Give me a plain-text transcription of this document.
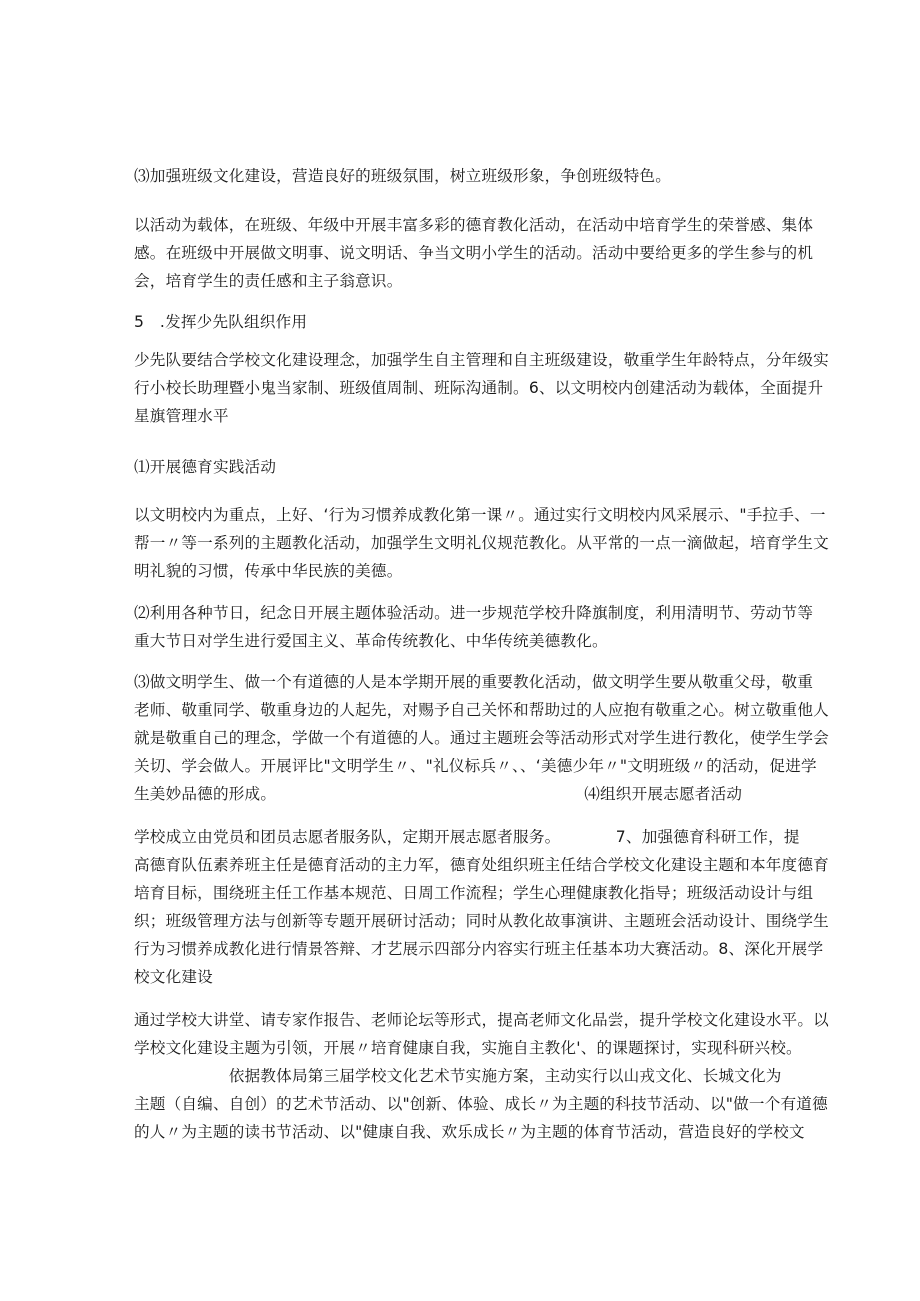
⑶加强班级文化建设，营造良好的班级氛围，树立班级形象，争创班级特色。

以活动为载体，在班级、年级中开展丰富多彩的德育教化活动，在活动中培育学生的荣誉感、集体
感。在班级中开展做文明事、说文明话、争当文明小学生的活动。活动中要给更多的学生参与的机
会，培育学生的责任感和主子翁意识。

5　.发挥少先队组织作用

少先队要结合学校文化建设理念，加强学生自主管理和自主班级建设，敬重学生年龄特点，分年级实
行小校长助理暨小鬼当家制、班级值周制、班际沟通制。6、以文明校内创建活动为载体，全面提升
星旗管理水平

⑴开展德育实践活动

以文明校内为重点，上好、‘行为习惯养成教化第一课〃。通过实行文明校内风采展示、"手拉手、一
帮一〃等一系列的主题教化活动，加强学生文明礼仪规范教化。从平常的一点一滴做起，培育学生文
明礼貌的习惯，传承中华民族的美德。

⑵利用各种节日，纪念日开展主题体验活动。进一步规范学校升降旗制度，利用清明节、劳动节等
重大节日对学生进行爱国主义、革命传统教化、中华传统美德教化。

⑶做文明学生、做一个有道德的人是本学期开展的重要教化活动，做文明学生要从敬重父母，敬重
老师、敬重同学、敬重身边的人起先，对赐予自己关怀和帮助过的人应抱有敬重之心。树立敬重他人
就是敬重自己的理念，学做一个有道德的人。通过主题班会等活动形式对学生进行教化，使学生学会
关切、学会做人。开展评比"文明学生〃、"礼仪标兵〃、、‘美德少年〃"文明班级〃的活动，促进学
生美妙品德的形成。　　　　　　　　　　　　　　　　　　　　⑷组织开展志愿者活动

学校成立由党员和团员志愿者服务队，定期开展志愿者服务。　　　　7、加强德育科研工作，提
高德育队伍素养班主任是德育活动的主力军，德育处组织班主任结合学校文化建设主题和本年度德育
培育目标，围绕班主任工作基本规范、日周工作流程；学生心理健康教化指导；班级活动设计与组
织；班级管理方法与创新等专题开展研讨活动；同时从教化故事演讲、主题班会活动设计、围绕学生
行为习惯养成教化进行情景答辩、才艺展示四部分内容实行班主任基本功大赛活动。8、深化开展学
校文化建设

通过学校大讲堂、请专家作报告、老师论坛等形式，提高老师文化品尝，提升学校文化建设水平。以
学校文化建设主题为引领，开展〃培育健康自我，实施自主教化'、的课题探讨，实现科研兴校。
　　　　　　依据教体局第三届学校文化艺术节实施方案，主动实行以山戎文化、长城文化为
主题（自编、自创）的艺术节活动、以"创新、体验、成长〃为主题的科技节活动、以"做一个有道德
的人〃为主题的读书节活动、以"健康自我、欢乐成长〃为主题的体育节活动，营造良好的学校文
